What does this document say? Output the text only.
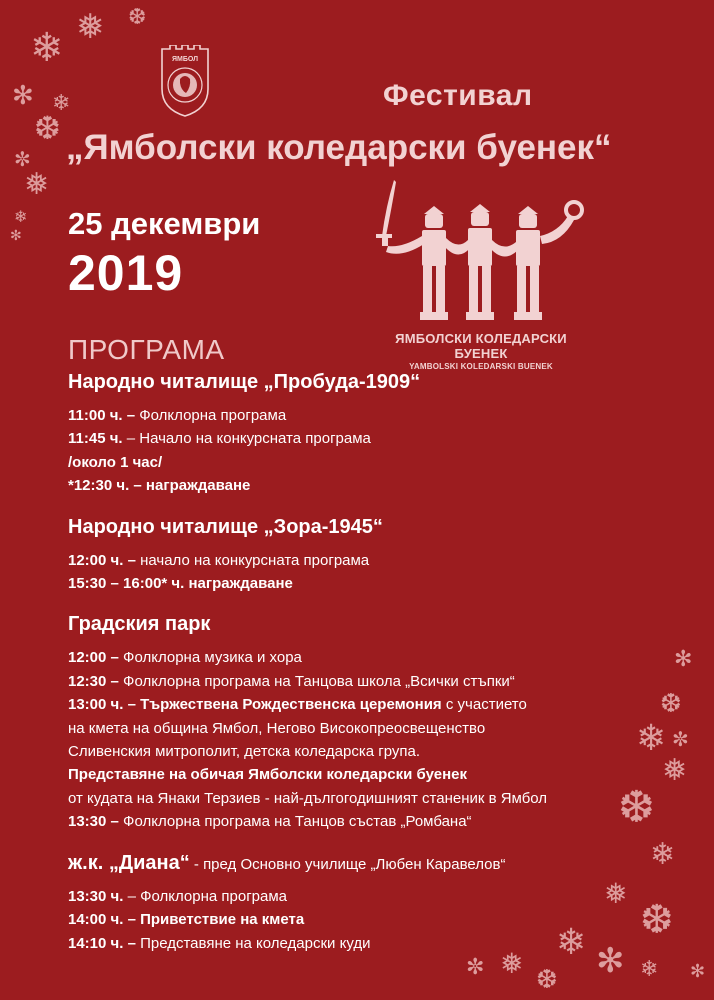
❄ ❅ ❆
✻ ❄
❆
✼
❅
❄
✻
✻
❆
❄ ✼
❅
❆
❄
❅
❆
❄ ✻
❅
✼ ❆	❄ ✻
ЯМБОЛ
Фестивал
„Ямболски коледарски буенек“
25 декември
2019
ЯМБОЛСКИ КОЛЕДАРСКИ БУЕНЕК
YAMBOLSKI KOLEDARSKI BUENEK
ПРОГРАМА
Народно читалище „Пробуда-1909“
11:00 ч. – Фолклорна програма
11:45 ч. – Начало на конкурсната програма
/около 1 час/
*12:30 ч. – награждаване
Народно читалище „Зора-1945“
12:00 ч. – начало на конкурсната програма
15:30 – 16:00* ч. награждаване
Градския парк
12:00 – Фолклорна музика и хора
12:30 – Фолклорна програма на Танцова школа „Всички стъпки“
13:00 ч. – Тържествена Рождественска церемония с участието
на кмета на община Ямбол, Негово Високопреосвещенство
Сливенския митрополит, детска коледарска група.
Представяне на обичая Ямболски коледарски буенек
от кудата на Янаки Терзиев - най-дългогодишният станеник в Ямбол
13:30 – Фолклорна програма на Танцов състав „Ромбана“
ж.к. „Диана“ - пред Основно училище „Любен Каравелов“
13:30 ч. – Фолклорна програма
14:00 ч. – Приветствие на кмета
14:10 ч. – Представяне на коледарски куди
